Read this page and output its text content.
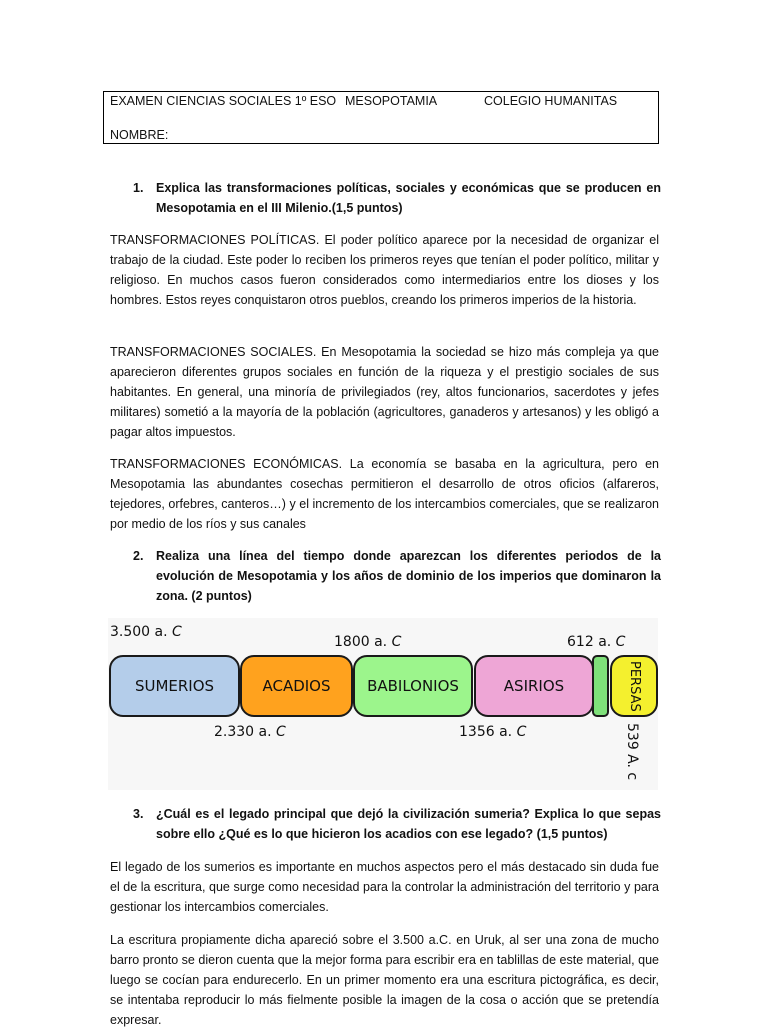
EXAMEN CIENCIAS SOCIALES 1º ESO MESOPOTAMIA	COLEGIO HUMANITAS
NOMBRE:
1. Explica las transformaciones políticas, sociales y económicas que se producen en Mesopotamia en el III Milenio.(1,5 puntos)

TRANSFORMACIONES POLÍTICAS. El poder político aparece por la necesidad de organizar el trabajo de la ciudad. Este poder lo reciben los primeros reyes que tenían el poder político, militar y religioso. En muchos casos fueron considerados como intermediarios entre los dioses y los hombres. Estos reyes conquistaron otros pueblos, creando los primeros imperios de la historia.

TRANSFORMACIONES SOCIALES. En Mesopotamia la sociedad se hizo más compleja ya que aparecieron diferentes grupos sociales en función de la riqueza y el prestigio sociales de sus habitantes. En general, una minoría de privilegiados (rey, altos funcionarios, sacerdotes y jefes militares) sometió a la mayoría de la población (agricultores, ganaderos y artesanos) y les obligó a pagar altos impuestos.

TRANSFORMACIONES ECONÓMICAS. La economía se basaba en la agricultura, pero en Mesopotamia las abundantes cosechas permitieron el desarrollo de otros oficios (alfareros, tejedores, orfebres, canteros…) y el incremento de los intercambios comerciales, que se realizaron por medio de los ríos y sus canales

2. Realiza una línea del tiempo donde aparezcan los diferentes periodos de la evolución de Mesopotamia y los años de dominio de los imperios que dominaron la zona. (2 puntos)
3.500 a. C
1800 a. C	612 a. C
SUMERIOS	ACADIOS BABILONIOS	ASIRIOS	PERSAS
2.330 a. C	1356 a. C	539 A. c
3. ¿Cuál es el legado principal que dejó la civilización sumeria? Explica lo que sepas sobre ello ¿Qué es lo que hicieron los acadios con ese legado? (1,5 puntos)

El legado de los sumerios es importante en muchos aspectos pero el más destacado sin duda fue el de la escritura, que surge como necesidad para la controlar la administración del territorio y para gestionar los intercambios comerciales.

La escritura propiamente dicha apareció sobre el 3.500 a.C. en Uruk, al ser una zona de mucho barro pronto se dieron cuenta que la mejor forma para escribir era en tablillas de este material, que luego se cocían para endurecerlo. En un primer momento era una escritura pictográfica, es decir, se intentaba reproducir lo más fielmente posible la imagen de la cosa o acción que se pretendía expresar.
